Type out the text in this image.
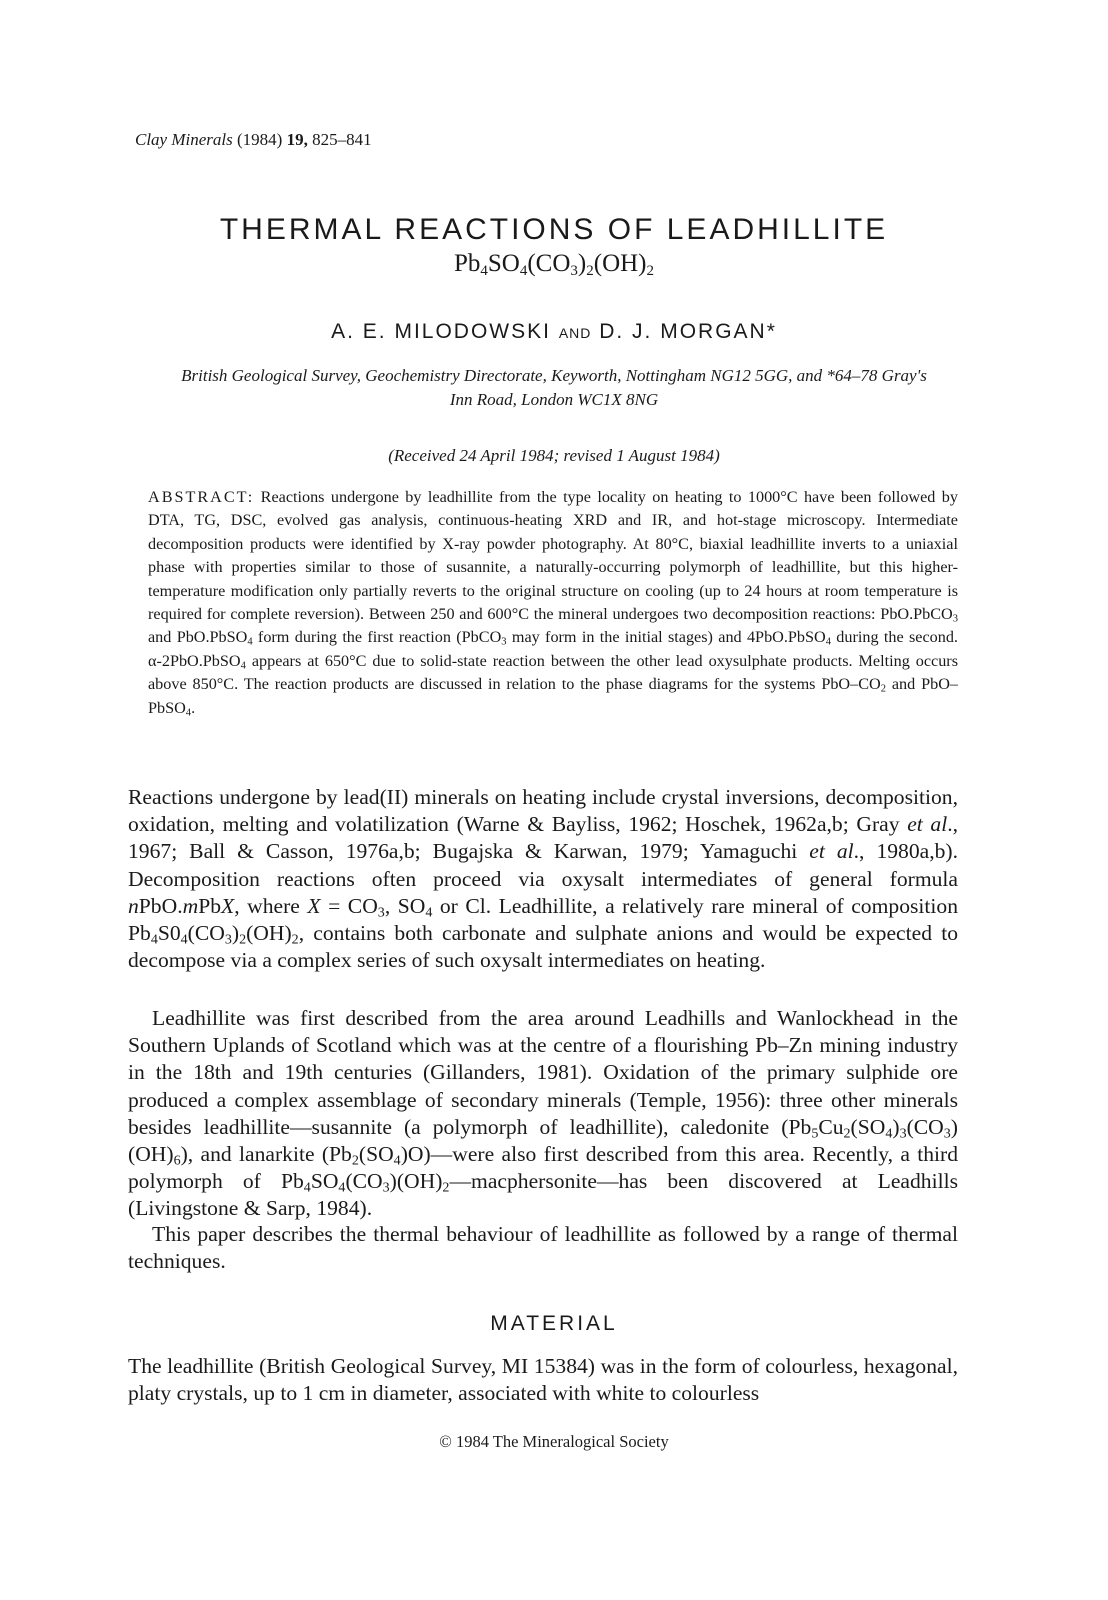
Clay Minerals (1984) 19, 825–841
THERMAL REACTIONS OF LEADHILLITE
$Pb_4SO_4(CO_3)_2(OH)_2$
A. E. MILODOWSKI AND D. J. MORGAN*
British Geological Survey, Geochemistry Directorate, Keyworth, Nottingham NG12 5GG, and *64–78 Gray's
Inn Road, London WC1X 8NG
(Received 24 April 1984; revised 1 August 1984)
ABSTRACT: Reactions undergone by leadhillite from the type locality on heating to 1000°C have been followed by DTA, TG, DSC, evolved gas analysis, continuous-heating XRD and IR, and hot-stage microscopy. Intermediate decomposition products were identified by X-ray powder photography. At 80°C, biaxial leadhillite inverts to a uniaxial phase with properties similar to those of susannite, a naturally-occurring polymorph of leadhillite, but this higher-temperature modification only partially reverts to the original structure on cooling (up to 24 hours at room temperature is required for complete reversion). Between 250 and 600°C the mineral undergoes two decomposition reactions: PbO.PbCO$_3$ and PbO.PbSO$_4$ form during the first reaction (PbCO$_3$ may form in the initial stages) and 4PbO.PbSO$_4$ during the second. α-2PbO.PbSO$_4$ appears at 650°C due to solid-state reaction between the other lead oxysulphate products. Melting occurs above 850°C. The reaction products are discussed in relation to the phase diagrams for the systems PbO–$CO_2$ and PbO–PbSO$_4$.
Reactions undergone by lead(II) minerals on heating include crystal inversions, decomposition, oxidation, melting and volatilization (Warne & Bayliss, 1962; Hoschek, 1962a,b; Gray et al., 1967; Ball & Casson, 1976a,b; Bugajska & Karwan, 1979; Yamaguchi et al., 1980a,b). Decomposition reactions often proceed via oxysalt intermediates of general formula nPbO.mPbX, where $X = CO_3$, $SO_4$ or Cl. Leadhillite, a relatively rare mineral of composition $Pb_4S0_4(CO_3)_2(OH)_2$, contains both carbonate and sulphate anions and would be expected to decompose via a complex series of such oxysalt intermediates on heating.
Leadhillite was first described from the area around Leadhills and Wanlockhead in the Southern Uplands of Scotland which was at the centre of a flourishing Pb–Zn mining industry in the 18th and 19th centuries (Gillanders, 1981). Oxidation of the primary sulphide ore produced a complex assemblage of secondary minerals (Temple, 1956): three other minerals besides leadhillite—susannite (a polymorph of leadhillite), caledonite $(Pb_5Cu_2(SO_4)_3(CO_3)(OH)_6)$, and lanarkite $(Pb_2(SO_4)O)—were$ also first described from this area. Recently, a third polymorph of $Pb_4SO_4(CO_3)(OH)_2—macphersonite—has$ been discovered at Leadhills (Livingstone & Sarp, 1984).
This paper describes the thermal behaviour of leadhillite as followed by a range of thermal techniques.
MATERIAL
The leadhillite (British Geological Survey, MI 15384) was in the form of colourless, hexagonal, platy crystals, up to 1 cm in diameter, associated with white to colourless
© 1984 The Mineralogical Society
